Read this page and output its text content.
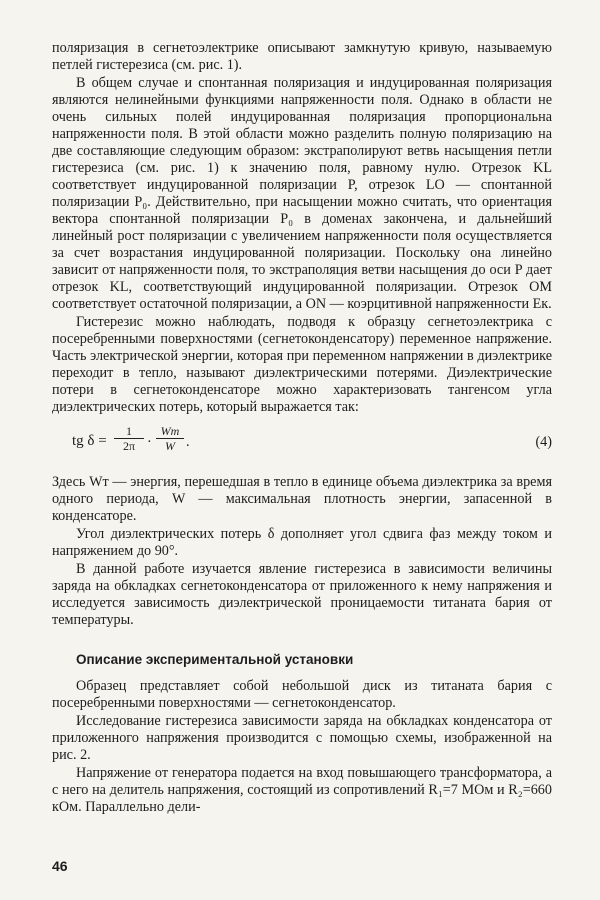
поляризация в сегнетоэлектрике описывают замкнутую кривую, называемую петлей гистерезиса (см. рис. 1).

В общем случае и спонтанная поляризация и индуцированная поляризация являются нелинейными функциями напряженности поля. Однако в области не очень сильных полей индуцированная поляризация пропорциональна напряженности поля. В этой области можно разделить полную поляризацию на две составляющие следующим образом: экстраполируют ветвь насыщения петли гистерезиса (см. рис. 1) к значению поля, равному нулю. Отрезок KL соответствует индуцированной поляризации P, отрезок LO — спонтанной поляризации P₀. Действительно, при насыщении можно считать, что ориентация вектора спонтанной поляризации P₀ в доменах закончена, и дальнейший линейный рост поляризации с увеличением напряженности поля осуществляется за счет возрастания индуцированной поляризации. Поскольку она линейно зависит от напряженности поля, то экстраполяция ветви насыщения до оси P дает отрезок KL, соответствующий индуцированной поляризации. Отрезок OM соответствует остаточной поляризации, а ON — коэрцитивной напряженности Eк.

Гистерезис можно наблюдать, подводя к образцу сегнетоэлектрика с посеребренными поверхностями (сегнетоконденсатору) переменное напряжение. Часть электрической энергии, которая при переменном напряжении в диэлектрике переходит в тепло, называют диэлектрическими потерями. Диэлектрические потери в сегнетоконденсаторе можно характеризовать тангенсом угла диэлектрических потерь, который выражается так:

tg $\delta = \frac{1}{2\pi}$ ·
Wт
W .	(4)

Здесь Wт — энергия, перешедшая в тепло в единице объема диэлектрика за время одного периода, W — максимальная плотность энергии, запасенной в конденсаторе.

Угол диэлектрических потерь δ дополняет угол сдвига фаз между током и напряжением до 90°.

В данной работе изучается явление гистерезиса в зависимости величины заряда на обкладках сегнетоконденсатора от приложенного к нему напряжения и исследуется зависимость диэлектрической проницаемости титаната бария от температуры.

Описание экспериментальной установки

Образец представляет собой небольшой диск из титаната бария с посеребренными поверхностями — сегнетоконденсатор.

Исследование гистерезиса зависимости заряда на обкладках конденсатора от приложенного напряжения производится с помощью схемы, изображенной на рис. 2.

Напряжение от генератора подается на вход повышающего трансформатора, а с него на делитель напряжения, состоящий из сопротивлений R₁=7 МОм и R₂=660 кОм. Параллельно дели-

46
